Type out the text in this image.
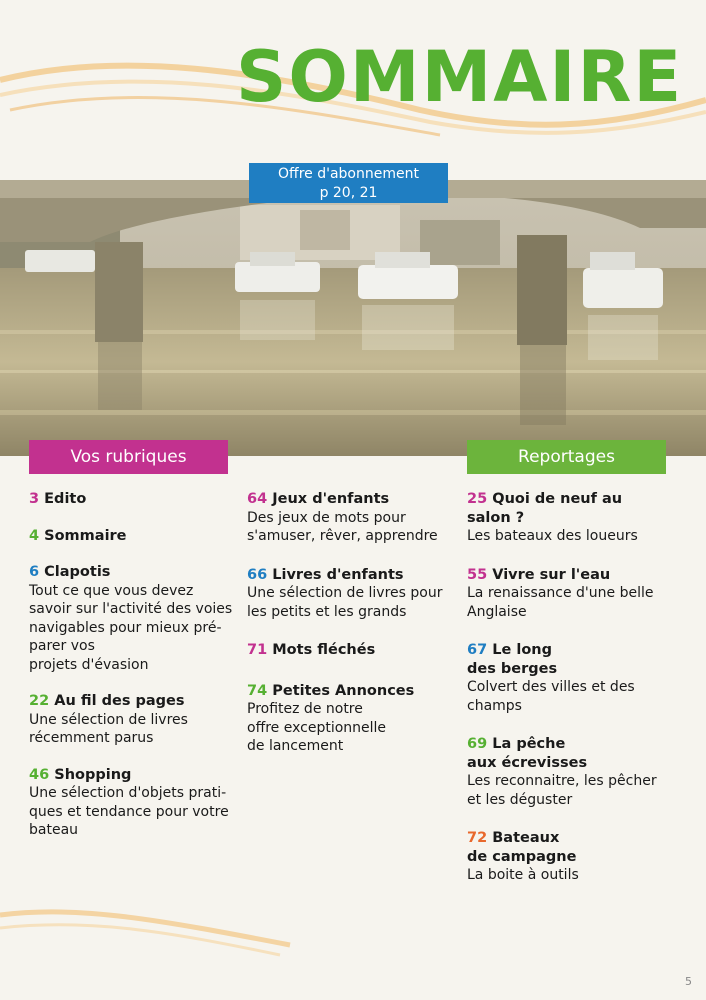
SOMMAIRE
Offre d'abonnement
p 20, 21
Vos rubriques	Reportages
3 Edito
4 Sommaire
6 Clapotis
Tout ce que vous devez
savoir sur l'activité des voies
navigables pour mieux pré-
parer vos
projets d'évasion
22 Au fil des pages
Une sélection de livres
récemment parus
46 Shopping
Une sélection d'objets prati-
ques et tendance pour votre
bateau
64 Jeux d'enfants
Des jeux de mots pour
s'amuser, rêver, apprendre
66 Livres d'enfants
Une sélection de livres pour
les petits et les grands
71 Mots fléchés
74 Petites Annonces
Profitez de notre
offre exceptionnelle
de lancement
25 Quoi de neuf au
salon ?
Les bateaux des loueurs
55 Vivre sur l'eau
La renaissance d'une belle
Anglaise
67 Le long
des berges
Colvert des villes et des
champs
69 La pêche
aux écrevisses
Les reconnaitre, les pêcher
et les déguster
72 Bateaux
de campagne
La boite à outils
5
